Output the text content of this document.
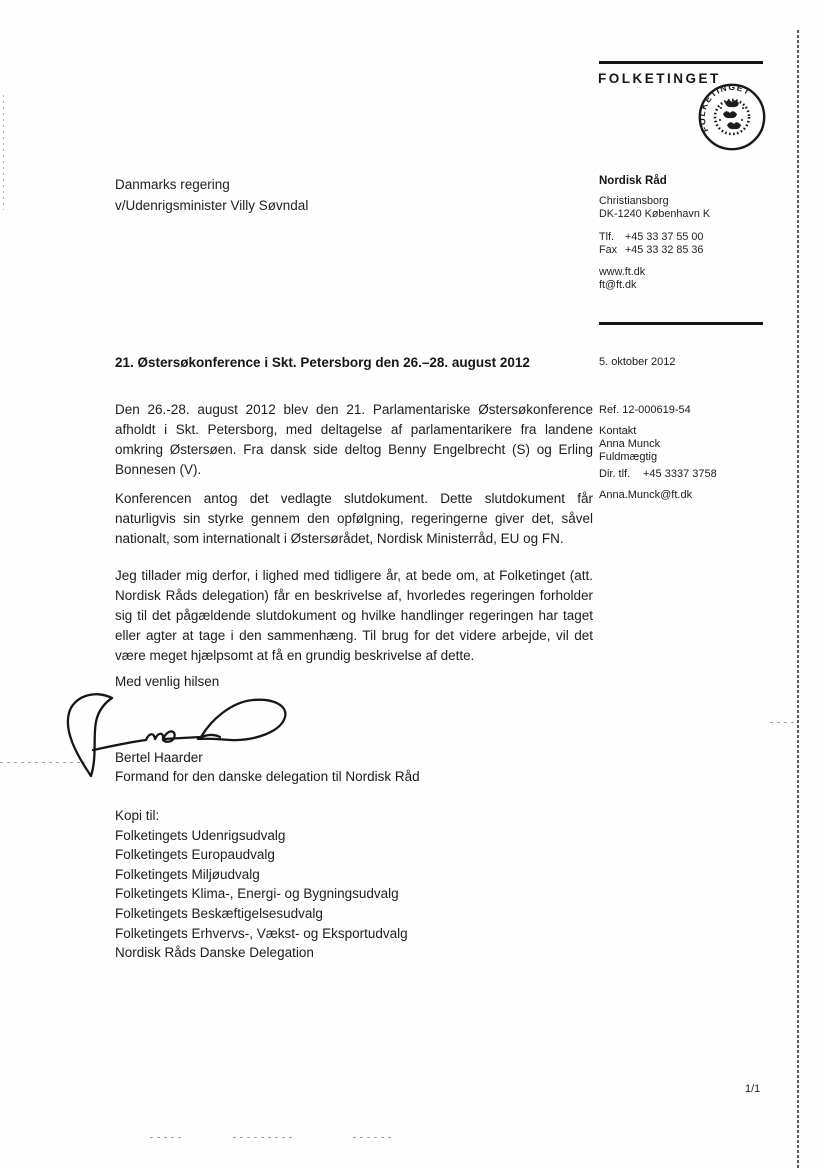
FOLKETINGET
FOLKETINGET
Danmarks regering
v/Udenrigsminister Villy Søvndal
Nordisk Råd
Christiansborg
DK-1240 København K
Tlf. +45 33 37 55 00
Fax +45 33 32 85 36
www.ft.dk
ft@ft.dk
5. oktober 2012
Ref. 12-000619-54
Kontakt
Anna Munck
Fuldmægtig
Dir. tlf. +45 3337 3758
Anna.Munck@ft.dk
21. Østersøkonference i Skt. Petersborg den 26.–28. august 2012
Den 26.-28. august 2012 blev den 21. Parlamentariske Østersøkonference afholdt i Skt. Petersborg, med deltagelse af parlamentarikere fra landene omkring Østersøen. Fra dansk side deltog Benny Engelbrecht (S) og Erling Bonnesen (V).
Konferencen antog det vedlagte slutdokument. Dette slutdokument får naturligvis sin styrke gennem den opfølgning, regeringerne giver det, såvel nationalt, som internationalt i Østersørådet, Nordisk Ministerråd, EU og FN.
Jeg tillader mig derfor, i lighed med tidligere år, at bede om, at Folketinget (att. Nordisk Råds delegation) får en beskrivelse af, hvorledes regeringen forholder sig til det pågældende slutdokument og hvilke handlinger regeringen har taget eller agter at tage i den sammenhæng. Til brug for det videre arbejde, vil det være meget hjælpsomt at få en grundig beskrivelse af dette.
Med venlig hilsen
Bertel Haarder
Formand for den danske delegation til Nordisk Råd
Kopi til:
Folketingets Udenrigsudvalg
Folketingets Europaudvalg
Folketingets Miljøudvalg
Folketingets Klima-, Energi- og Bygningsudvalg
Folketingets Beskæftigelsesudvalg
Folketingets Erhvervs-, Vækst- og Eksportudvalg
Nordisk Råds Danske Delegation
1/1
